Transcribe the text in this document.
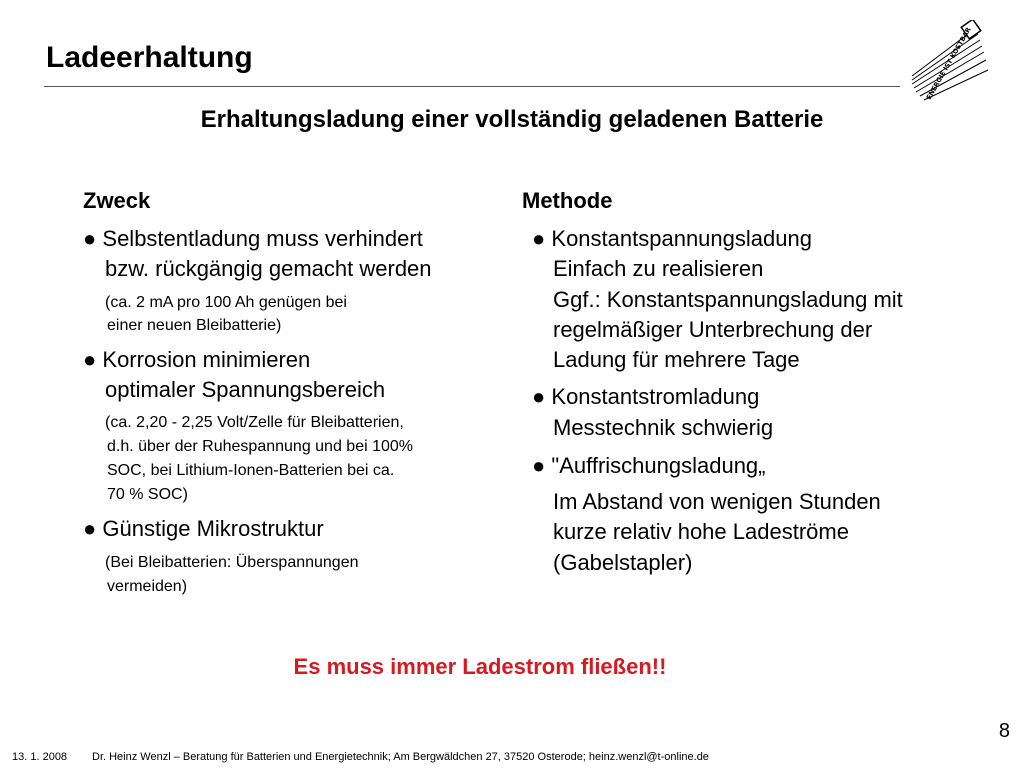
Ladeerhaltung	ENERGIE IST KOSTBAR
Erhaltungsladung einer vollständig geladenen Batterie
Zweck
● Selbstentladung muss verhindert
bzw. rückgängig gemacht werden
(ca. 2 mA pro 100 Ah genügen bei
einer neuen Bleibatterie)
● Korrosion minimieren
optimaler Spannungsbereich
(ca. 2,20 - 2,25 Volt/Zelle für Bleibatterien,
d.h. über der Ruhespannung und bei 100%
SOC, bei Lithium-Ionen-Batterien bei ca.
70 % SOC)
● Günstige Mikrostruktur
(Bei Bleibatterien: Überspannungen
vermeiden)
Methode
● Konstantspannungsladung
Einfach zu realisieren
Ggf.: Konstantspannungsladung mit
regelmäßiger Unterbrechung der
Ladung für mehrere Tage
● Konstantstromladung
Messtechnik schwierig
● "Auffrischungsladung„
Im Abstand von wenigen Stunden
kurze relativ hohe Ladeströme
(Gabelstapler)
Es muss immer Ladestrom fließen!!
8
13. 1. 2008 Dr. Heinz Wenzl – Beratung für Batterien und Energietechnik; Am Bergwäldchen 27, 37520 Osterode; heinz.wenzl@t-online.de
